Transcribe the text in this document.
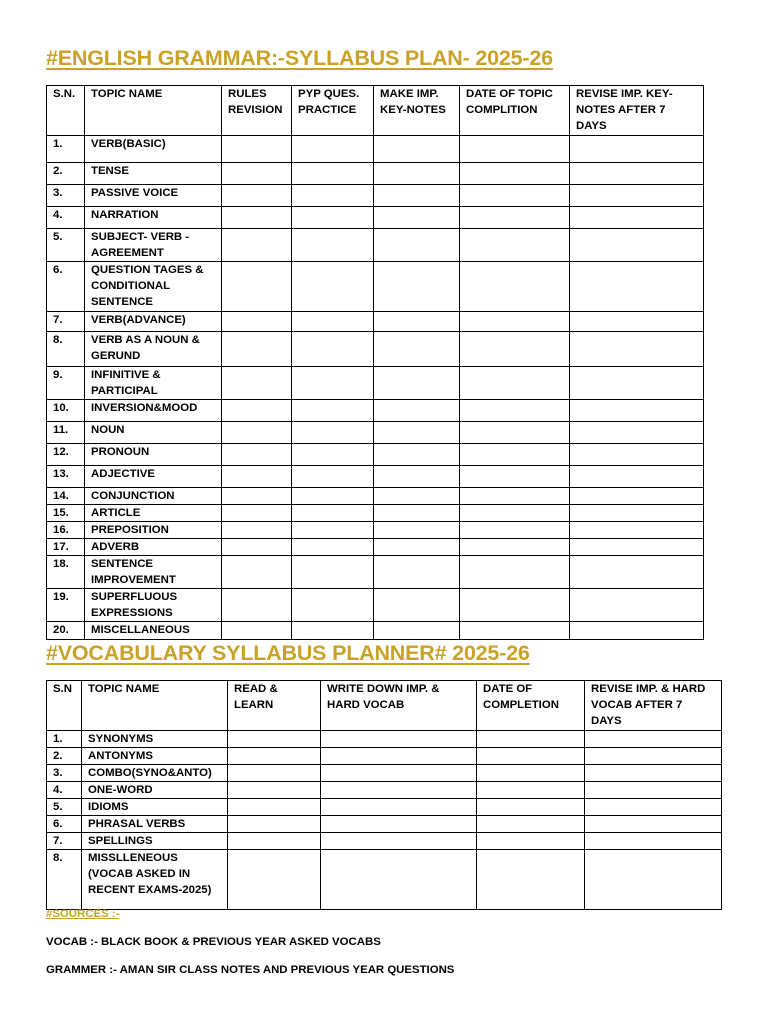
#ENGLISH GRAMMAR:-SYLLABUS PLAN- 2025-26
S.N.	TOPIC NAME	RULES REVISION	PYP QUES. PRACTICE	MAKE IMP. KEY-NOTES	DATE OF TOPIC COMPLITION	REVISE IMP. KEY-NOTES AFTER 7 DAYS
1.	VERB(BASIC)					
2.	TENSE					
3.	PASSIVE VOICE					
4.	NARRATION					
5.	SUBJECT- VERB - AGREEMENT					
6.	QUESTION TAGES & CONDITIONAL SENTENCE					
7.	VERB(ADVANCE)					
8.	VERB AS A NOUN & GERUND					
9.	INFINITIVE & PARTICIPAL					
10.	INVERSION&MOOD					
11.	NOUN					
12.	PRONOUN					
13.	ADJECTIVE					
14.	CONJUNCTION					
15.	ARTICLE					
16.	PREPOSITION					
17.	ADVERB					
18.	SENTENCE IMPROVEMENT					
19.	SUPERFLUOUS EXPRESSIONS					
20.	MISCELLANEOUS					
#VOCABULARY SYLLABUS PLANNER# 2025-26
S.N	TOPIC NAME	READ & LEARN	WRITE DOWN IMP. & HARD VOCAB	DATE OF COMPLETION	REVISE IMP. & HARD VOCAB AFTER 7 DAYS
1.	SYNONYMS				
2.	ANTONYMS				
3.	COMBO(SYNO&ANTO)				
4.	ONE-WORD				
5.	IDIOMS				
6.	PHRASAL VERBS				
7.	SPELLINGS				
8.	MISSLLENEOUS (VOCAB ASKED IN RECENT EXAMS-2025)				

#SOURCES :-

VOCAB :- BLACK BOOK & PREVIOUS YEAR ASKED VOCABS

GRAMMER :- AMAN SIR CLASS NOTES AND PREVIOUS YEAR QUESTIONS
